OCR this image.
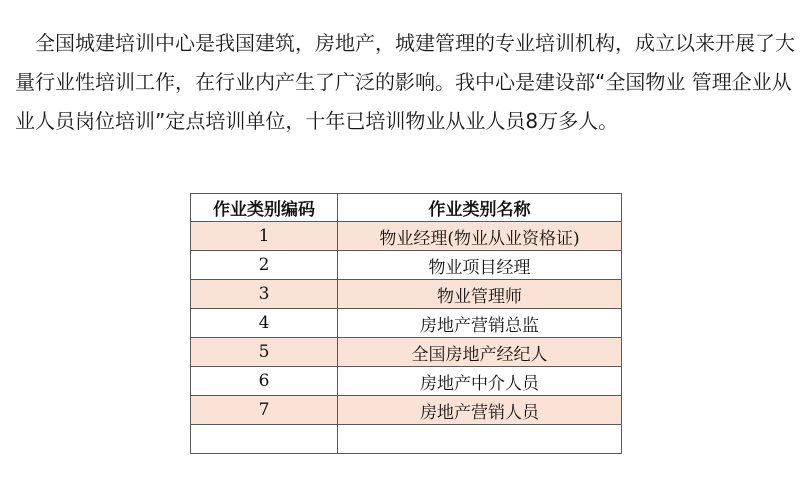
全国城建培训中心是我国建筑，房地产，城建管理的专业培训机构，成立以来开展了大
量行业性培训工作，在行业内产生了广泛的影响。我中心是建设部“全国物业 管理企业从
业人员岗位培训”定点培训单位，十年已培训物业从业人员8万多人。
作业类别编码	作业类别名称
1	物业经理(物业从业资格证)
2	物业项目经理
3	物业管理师
4	房地产营销总监
5	全国房地产经纪人
6	房地产中介人员
7	房地产营销人员
